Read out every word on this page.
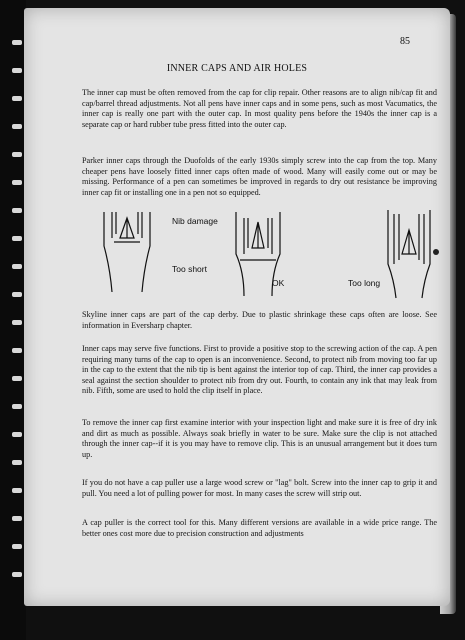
85
INNER CAPS AND AIR HOLES

The inner cap must be often removed from the cap for clip repair. Other reasons are to align nib/cap fit and cap/barrel thread adjustments. Not all pens have inner caps and in some pens, such as most Vacumatics, the inner cap is really one part with the outer cap. In most quality pens before the 1940s the inner cap is a separate cap or hard rubber tube press fitted into the outer cap.

Parker inner caps through the Duofolds of the early 1930s simply screw into the cap from the top. Many cheaper pens have loosely fitted inner caps often made of wood. Many will easily come out or may be missing. Performance of a pen can sometimes be improved in regards to dry out resistance be improving inner cap fit or installing one in a pen not so equipped.

Nib damage
Too short
OK	Too long

Skyline inner caps are part of the cap derby. Due to plastic shrinkage these caps often are loose. See information in Eversharp chapter.

Inner caps may serve five functions. First to provide a positive stop to the screwing action of the cap. A pen requiring many turns of the cap to open is an inconvenience. Second, to protect nib from moving too far up in the cap to the extent that the nib tip is bent against the interior top of cap. Third, the inner cap provides a seal against the section shoulder to protect nib from dry out. Fourth, to contain any ink that may leak from nib. Fifth, some are used to hold the clip itself in place.

To remove the inner cap first examine interior with your inspection light and make sure it is free of dry ink and dirt as much as possible. Always soak briefly in water to be sure. Make sure the clip is not attached through the inner cap--if it is you may have to remove clip. This is an unusual arrangement but it does turn up.

If you do not have a cap puller use a large wood screw or "lag" bolt. Screw into the inner cap to grip it and pull. You need a lot of pulling power for most. In many cases the screw will strip out.

A cap puller is the correct tool for this. Many different versions are available in a wide price range. The better ones cost more due to precision construction and adjustments
